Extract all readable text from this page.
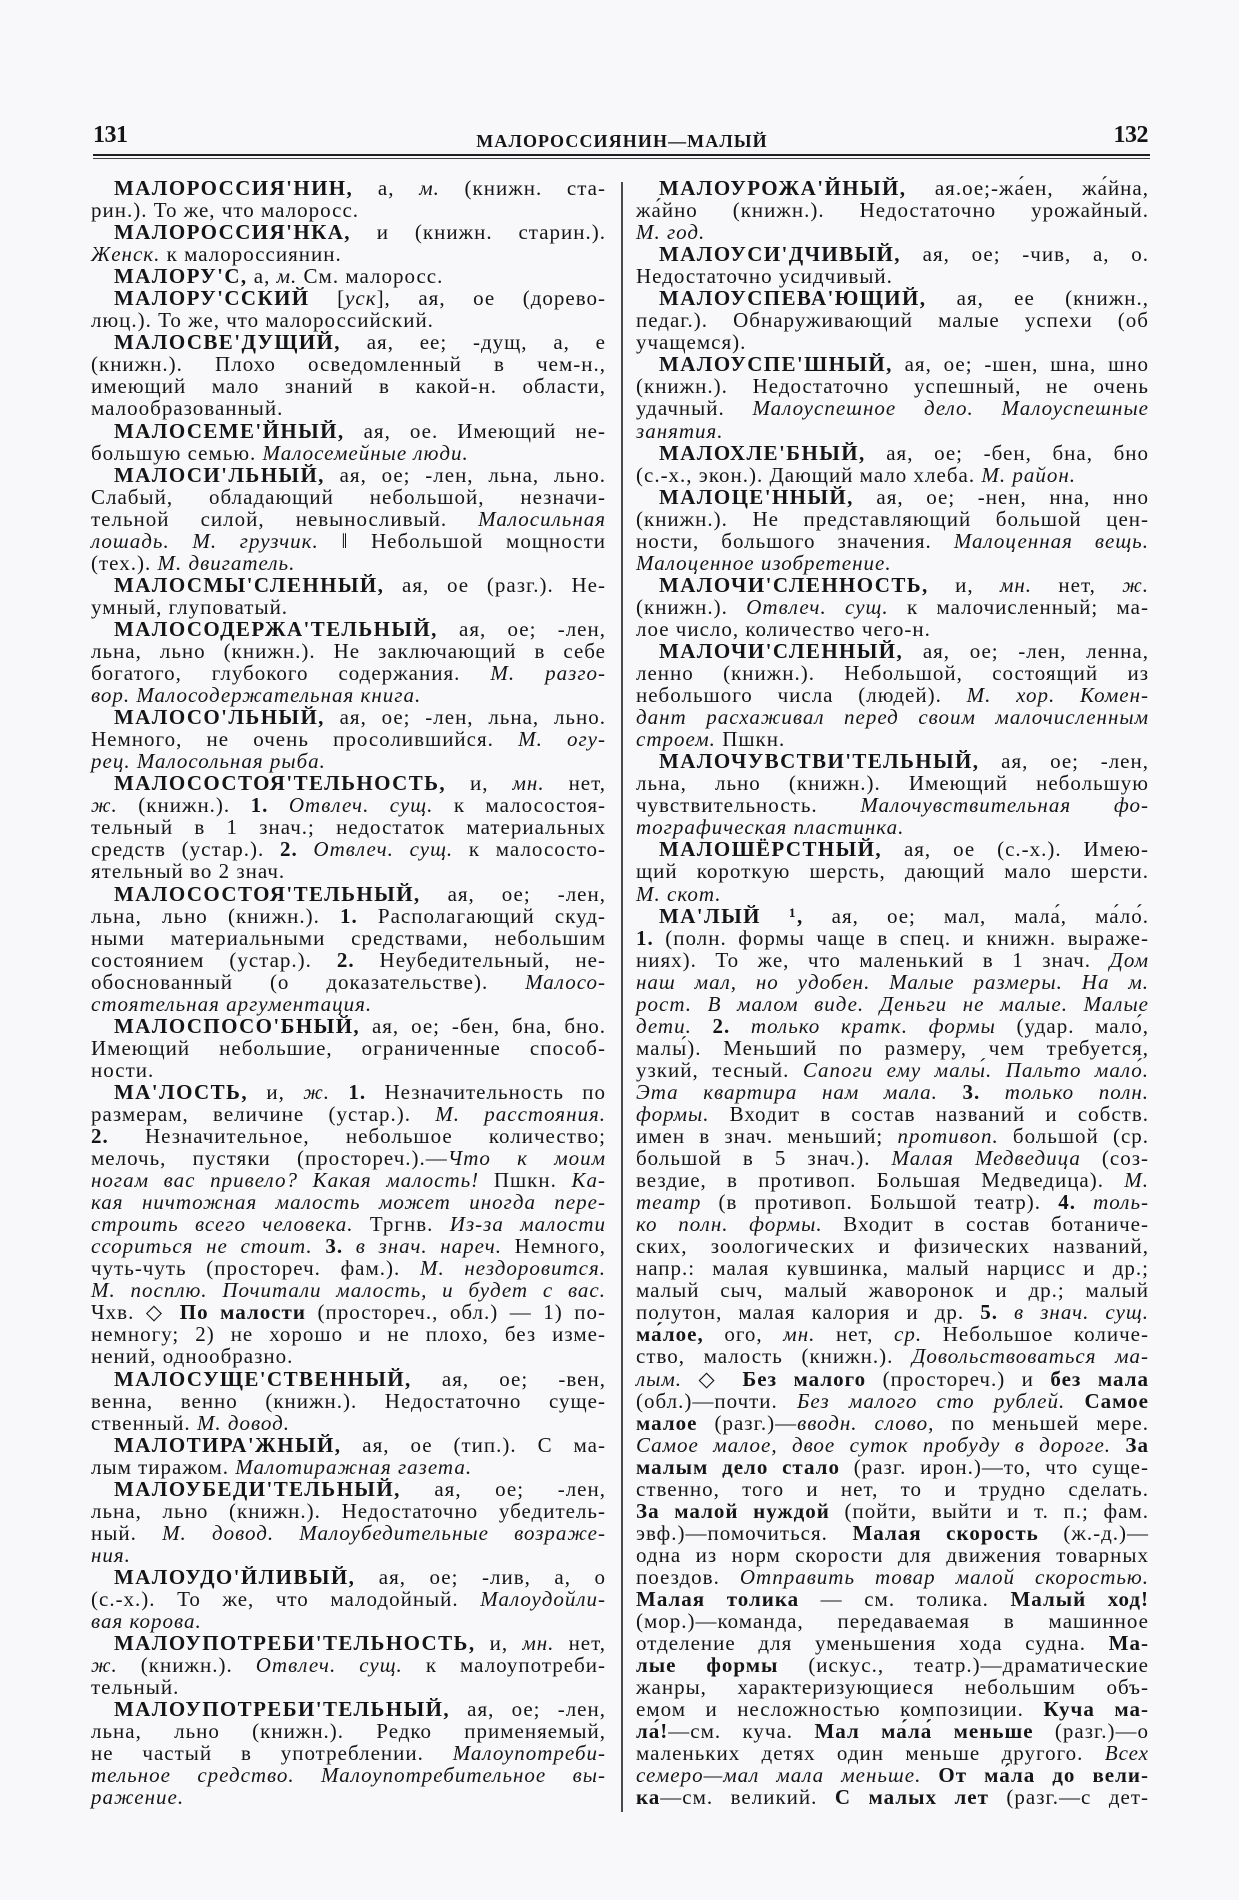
131	МАЛОРОССИЯНИН—МАЛЫЙ	132
МАЛОРОССИЯ'НИН, а, м. (книжн. ста-
рин.). То же, что малоросс.
МАЛОРОССИЯ'НКА, и (книжн. старин.).
Женск. к малороссиянин.
МАЛОРУ'С, а, м. См. малоросс.
МАЛОРУ'ССКИЙ [уск], ая, ое (дорево-
люц.). То же, что малороссийский.
МАЛОСВЕ'ДУЩИЙ, ая, ее; -дущ, а, е
(книжн.). Плохо осведомленный в чем-н.,
имеющий мало знаний в какой-н. области,
малообразованный.
МАЛОСЕМЕ'ЙНЫЙ, ая, ое. Имеющий не-
большую семью. Малосемейные люди.
МАЛОСИ'ЛЬНЫЙ, ая, ое; -лен, льна, льно.
Слабый, обладающий небольшой, незначи-
тельной силой, невыносливый. Малосильная
лошадь. М. грузчик. ‖ Небольшой мощности
(тех.). М. двигатель.
МАЛОСМЫ'СЛЕННЫЙ, ая, ое (разг.). Не-
умный, глуповатый.
МАЛОСОДЕРЖА'ТЕЛЬНЫЙ, ая, ое; -лен,
льна, льно (книжн.). Не заключающий в себе
богатого, глубокого содержания. М. разго-
вор. Малосодержательная книга.
МАЛОСО'ЛЬНЫЙ, ая, ое; -лен, льна, льно.
Немного, не очень просолившийся. М. огу-
рец. Малосольная рыба.
МАЛОСОСТОЯ'ТЕЛЬНОСТЬ, и, мн. нет,
ж. (книжн.). 1. Отвлеч. сущ. к малосостоя-
тельный в 1 знач.; недостаток материальных
средств (устар.). 2. Отвлеч. сущ. к малососто-
ятельный во 2 знач.
МАЛОСОСТОЯ'ТЕЛЬНЫЙ, ая, ое; -лен,
льна, льно (книжн.). 1. Располагающий скуд-
ными материальными средствами, небольшим
состоянием (устар.). 2. Неубедительный, не-
обоснованный (о доказательстве). Малосо-
стоятельная аргументация.
МАЛОСПОСО'БНЫЙ, ая, ое; -бен, бна, бно.
Имеющий небольшие, ограниченные способ-
ности.
МА'ЛОСТЬ, и, ж. 1. Незначительность по
размерам, величине (устар.). М. расстояния.
2. Незначительное, небольшое количество;
мелочь, пустяки (простореч.).—Что к моим
ногам вас привело? Какая малость! Пшкн. Ка-
кая ничтожная малость может иногда пере-
строить всего человека. Тргнв. Из-за малости
ссориться не стоит. 3. в знач. нареч. Немного,
чуть-чуть (простореч. фам.). М. нездоровится.
М. посплю. Почитали малость, и будет с вас.
Чхв. ◇ По малости (простореч., обл.) — 1) по-
немногу; 2) не хорошо и не плохо, без изме-
нений, однообразно.
МАЛОСУЩЕ'СТВЕННЫЙ, ая, ое; -вен,
венна, венно (книжн.). Недостаточно суще-
ственный. М. довод.
МАЛОТИРА'ЖНЫЙ, ая, ое (тип.). С ма-
лым тиражом. Малотиражная газета.
МАЛОУБЕДИ'ТЕЛЬНЫЙ, ая, ое; -лен,
льна, льно (книжн.). Недостаточно убедитель-
ный. М. довод. Малоубедительные возраже-
ния.
МАЛОУДО'ЙЛИВЫЙ, ая, ое; -лив, а, о
(с.-х.). То же, что малодойный. Малоудойли-
вая корова.
МАЛОУПОТРЕБИ'ТЕЛЬНОСТЬ, и, мн. нет,
ж. (книжн.). Отвлеч. сущ. к малоупотреби-
тельный.
МАЛОУПОТРЕБИ'ТЕЛЬНЫЙ, ая, ое; -лен,
льна, льно (книжн.). Редко применяемый,
не частый в употреблении. Малоупотреби-
тельное средство. Малоупотребительное вы-
ражение.
МАЛОУРОЖА'ЙНЫЙ, ая.ое;-жа́ен, жа́йна,
жа́йно (книжн.). Недостаточно урожайный.
М. год.
МАЛОУСИ'ДЧИВЫЙ, ая, ое; -чив, а, о.
Недостаточно усидчивый.
МАЛОУСПЕВА'ЮЩИЙ, ая, ее (книжн.,
педаг.). Обнаруживающий малые успехи (об
учащемся).
МАЛОУСПЕ'ШНЫЙ, ая, ое; -шен, шна, шно
(книжн.). Недостаточно успешный, не очень
удачный. Малоуспешное дело. Малоуспешные
занятия.
МАЛОХЛЕ'БНЫЙ, ая, ое; -бен, бна, бно
(с.-х., экон.). Дающий мало хлеба. М. район.
МАЛОЦЕ'ННЫЙ, ая, ое; -нен, нна, нно
(книжн.). Не представляющий большой цен-
ности, большого значения. Малоценная вещь.
Малоценное изобретение.
МАЛОЧИ'СЛЕННОСТЬ, и, мн. нет, ж.
(книжн.). Отвлеч. сущ. к малочисленный; ма-
лое число, количество чего-н.
МАЛОЧИ'СЛЕННЫЙ, ая, ое; -лен, ленна,
ленно (книжн.). Небольшой, состоящий из
небольшого числа (людей). М. хор. Комен-
дант расхаживал перед своим малочисленным
строем. Пшкн.
МАЛОЧУВСТВИ'ТЕЛЬНЫЙ, ая, ое; -лен,
льна, льно (книжн.). Имеющий небольшую
чувствительность. Малочувствительная фо-
тографическая пластинка.
МАЛОШЁРСТНЫЙ, ая, ое (с.-х.). Имею-
щий короткую шерсть, дающий мало шерсти.
М. скот.
МА'ЛЫЙ ¹, ая, ое; мал, мала́, ма́ло́.
1. (полн. формы чаще в спец. и книжн. выраже-
ниях). То же, что маленький в 1 знач. Дом
наш мал, но удобен. Малые размеры. На м.
рост. В малом виде. Деньги не малые. Малые
дети. 2. только кратк. формы (удар. мало́,
малы́). Меньший по размеру, чем требуется,
узкий, тесный. Сапоги ему малы́. Пальто мало́.
Эта квартира нам мала. 3. только полн.
формы. Входит в состав названий и собств.
имен в знач. меньший; противоп. большой (ср.
большой в 5 знач.). Малая Медведица (соз-
вездие, в противоп. Большая Медведица). М.
театр (в противоп. Большой театр). 4. толь-
ко полн. формы. Входит в состав ботаниче-
ских, зоологических и физических названий,
напр.: малая кувшинка, малый нарцисс и др.;
малый сыч, малый жаворонок и др.; малый
полутон, малая калория и др. 5. в знач. сущ.
ма́лое, ого, мн. нет, ср. Небольшое количе-
ство, малость (книжн.). Довольствоваться ма-
лым. ◇ Без малого (простореч.) и без мала
(обл.)—почти. Без малого сто рублей. Самое
малое (разг.)—вводн. слово, по меньшей мере.
Самое малое, двое суток пробуду в дороге. За
малым дело стало (разг. ирон.)—то, что суще-
ственно, того и нет, то и трудно сделать.
За малой нуждой (пойти, выйти и т. п.; фам.
эвф.)—помочиться. Малая скорость (ж.-д.)—
одна из норм скорости для движения товарных
поездов. Отправить товар малой скоростью.
Малая толика — см. толика. Малый ход!
(мор.)—команда, передаваемая в машинное
отделение для уменьшения хода судна. Ма-
лые формы (искус., театр.)—драматические
жанры, характеризующиеся небольшим объ-
емом и несложностью композиции. Куча ма-
ла́!—см. куча. Мал ма́ла́ меньше (разг.)—о
маленьких детях один меньше другого. Всех
семеро—мал мала меньше. От ма́ла до вели-
ка—см. великий. С малых лет (разг.—с дет-
